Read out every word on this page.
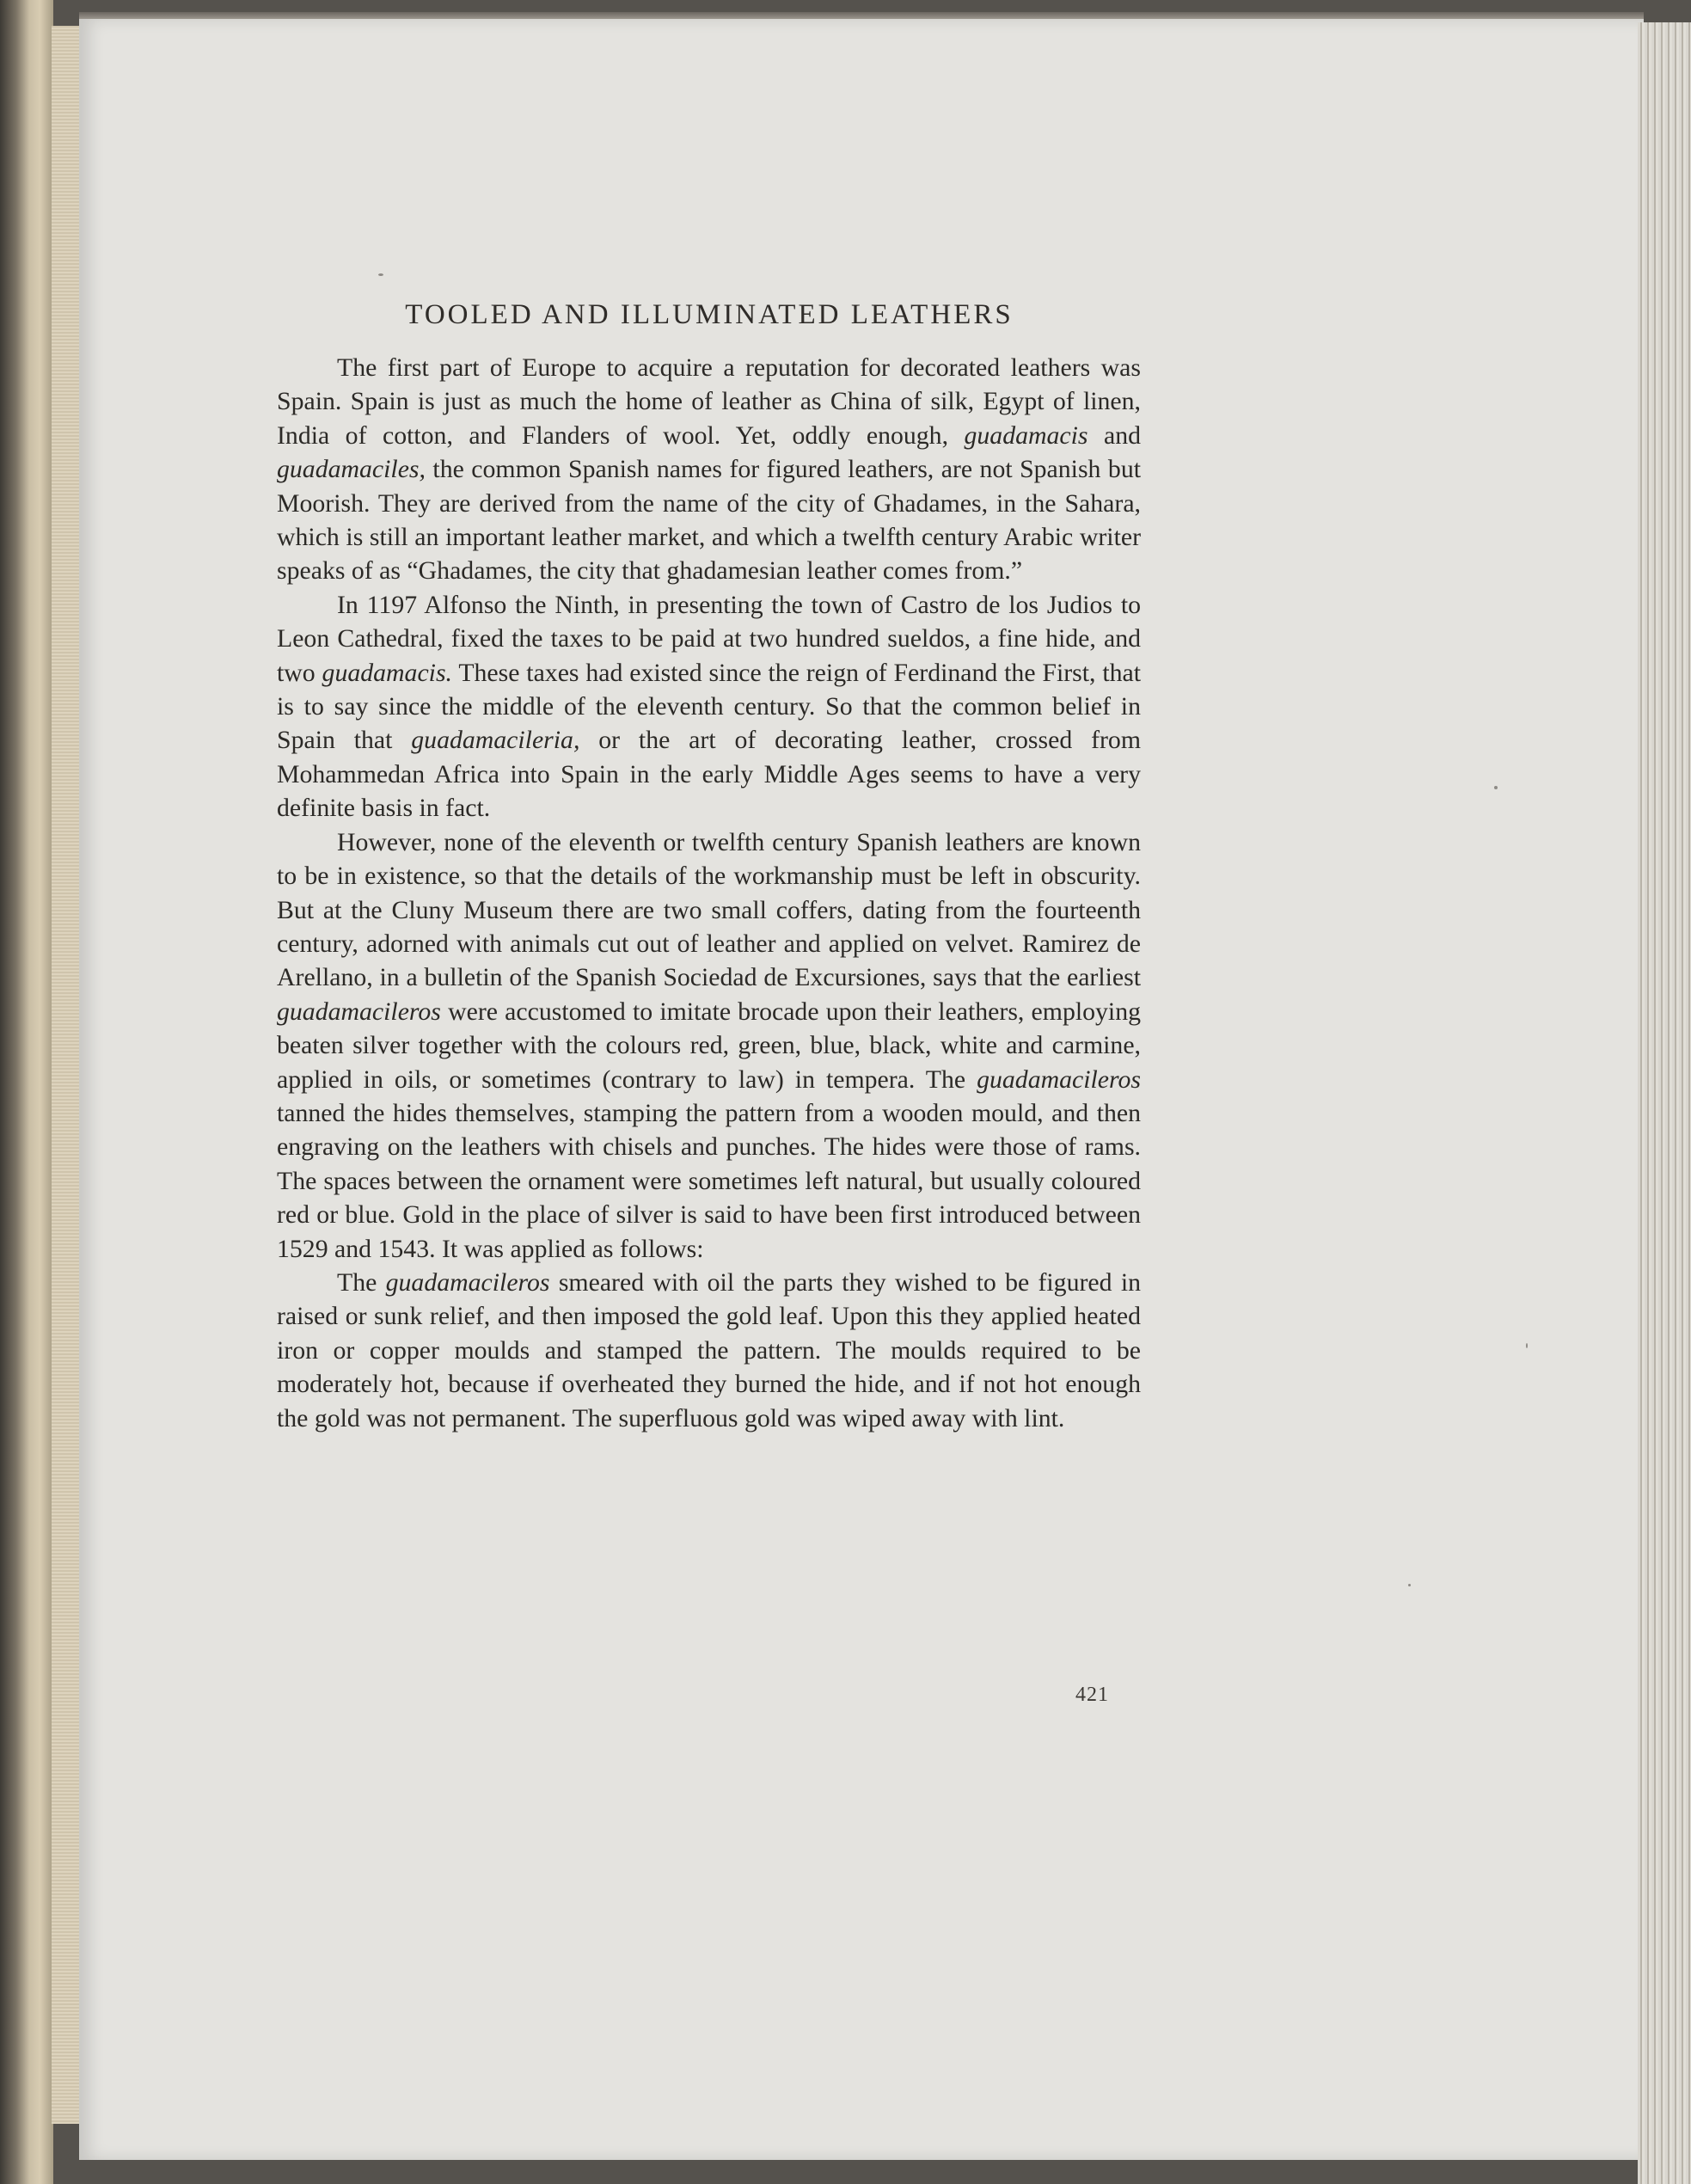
TOOLED AND ILLUMINATED LEATHERS

The first part of Europe to acquire a reputation for decorated leathers was Spain. Spain is just as much the home of leather as China of silk, Egypt of linen, India of cotton, and Flanders of wool. Yet, oddly enough, guadamacis and guadamaciles, the common Spanish names for figured leathers, are not Spanish but Moorish. They are derived from the name of the city of Ghadames, in the Sahara, which is still an important leather market, and which a twelfth century Arabic writer speaks of as “Ghadames, the city that ghadamesian leather comes from.”

In 1197 Alfonso the Ninth, in presenting the town of Castro de los Judios to Leon Cathedral, fixed the taxes to be paid at two hundred sueldos, a fine hide, and two guadamacis. These taxes had existed since the reign of Ferdinand the First, that is to say since the middle of the eleventh century. So that the common belief in Spain that guadamacileria, or the art of decorating leather, crossed from Mohammedan Africa into Spain in the early Middle Ages seems to have a very definite basis in fact.

However, none of the eleventh or twelfth century Spanish leathers are known to be in existence, so that the details of the workmanship must be left in obscurity. But at the Cluny Museum there are two small coffers, dating from the fourteenth century, adorned with animals cut out of leather and applied on velvet. Ramirez de Arellano, in a bulletin of the Spanish Sociedad de Excursiones, says that the earliest guadamacileros were accustomed to imitate brocade upon their leathers, employing beaten silver together with the colours red, green, blue, black, white and carmine, applied in oils, or sometimes (contrary to law) in tempera. The guadamacileros tanned the hides themselves, stamping the pattern from a wooden mould, and then engraving on the leathers with chisels and punches. The hides were those of rams. The spaces between the ornament were sometimes left natural, but usually coloured red or blue. Gold in the place of silver is said to have been first introduced between 1529 and 1543. It was applied as follows:

The guadamacileros smeared with oil the parts they wished to be figured in raised or sunk relief, and then imposed the gold leaf. Upon this they applied heated iron or copper moulds and stamped the pattern. The moulds required to be moderately hot, because if overheated they burned the hide, and if not hot enough the gold was not permanent. The superfluous gold was wiped away with lint.

421
